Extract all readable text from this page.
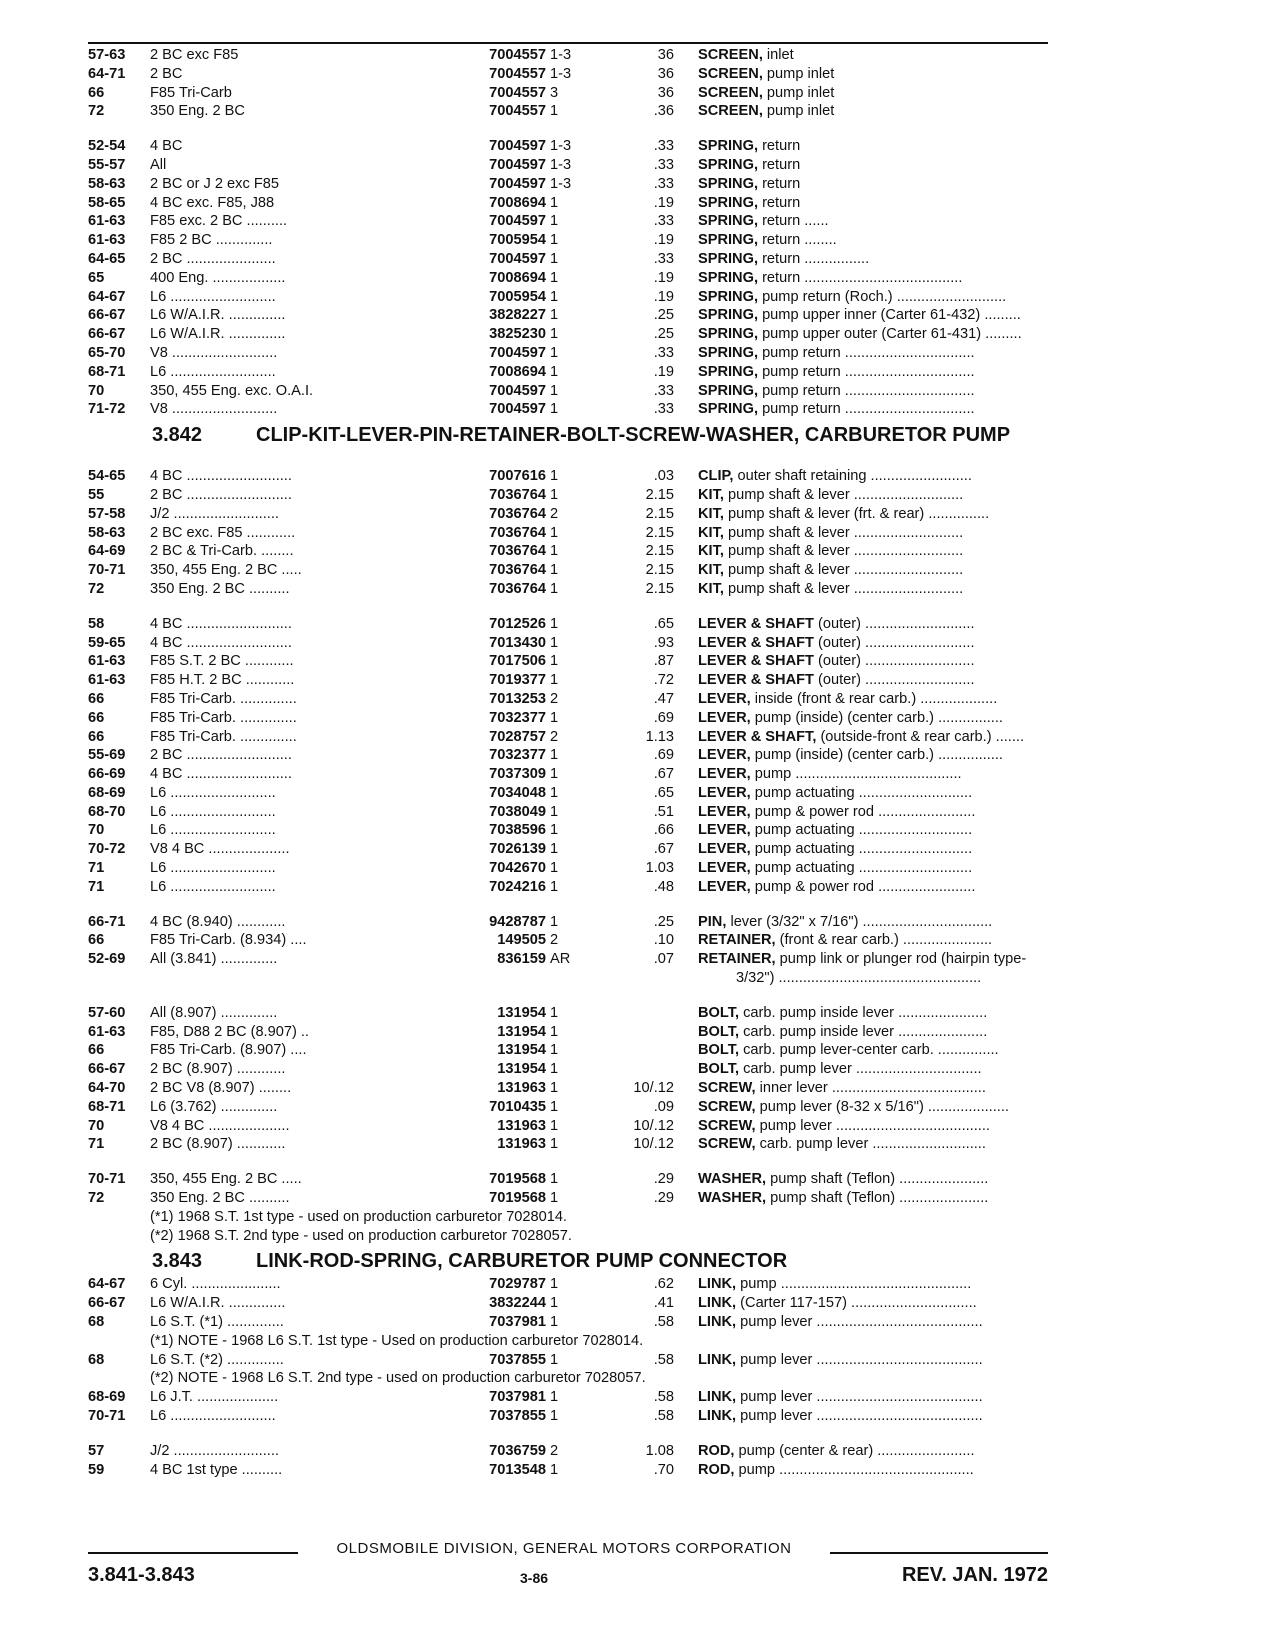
57-63 2 BC exc F85	7004557 1-3	36 SCREEN, inlet
64-71 2 BC	7004557 1-3	36 SCREEN, pump inlet
66	F85 Tri-Carb	7004557 3	36 SCREEN, pump inlet
72	350 Eng. 2 BC	7004557 1	.36 SCREEN, pump inlet
52-54 4 BC	7004597 1-3	.33 SPRING, return
55-57 All	7004597 1-3	.33 SPRING, return
58-63 2 BC or J 2 exc F85	7004597 1-3	.33 SPRING, return
58-65 4 BC exc. F85, J88	7008694 1	.19 SPRING, return
61-63 F85 exc. 2 BC ..........	7004597 1	.33 SPRING, return ......
61-63 F85 2 BC ..............	7005954 1	.19 SPRING, return ........
64-65 2 BC ......................	7004597 1	.33 SPRING, return ................
65	400 Eng. ..................	7008694 1	.19 SPRING, return .......................................
64-67 L6 ..........................	7005954 1	.19 SPRING, pump return (Roch.) ...........................
66-67 L6 W/A.I.R. ..............	3828227 1	.25 SPRING, pump upper inner (Carter 61-432) .........
66-67 L6 W/A.I.R. ..............	3825230 1	.25 SPRING, pump upper outer (Carter 61-431) .........
65-70 V8 ..........................	7004597 1	.33 SPRING, pump return ................................
68-71 L6 ..........................	7008694 1	.19 SPRING, pump return ................................
70	350, 455 Eng. exc. O.A.I.	7004597 1	.33 SPRING, pump return ................................
71-72 V8 ..........................	7004597 1	.33 SPRING, pump return ................................
3.842	CLIP-KIT-LEVER-PIN-RETAINER-BOLT-SCREW-WASHER, CARBURETOR PUMP
54-65 4 BC ..........................	7007616 1	.03 CLIP, outer shaft retaining .........................
55	2 BC ..........................	7036764 1	2.15 KIT, pump shaft & lever ...........................
57-58 J/2 ..........................	7036764 2	2.15 KIT, pump shaft & lever (frt. & rear) ...............
58-63 2 BC exc. F85 ............	7036764 1	2.15 KIT, pump shaft & lever ...........................
64-69 2 BC & Tri-Carb. ........	7036764 1	2.15 KIT, pump shaft & lever ...........................
70-71 350, 455 Eng. 2 BC .....	7036764 1	2.15 KIT, pump shaft & lever ...........................
72	350 Eng. 2 BC ..........	7036764 1	2.15 KIT, pump shaft & lever ...........................
58	4 BC ..........................	7012526 1	.65 LEVER & SHAFT (outer) ...........................
59-65 4 BC ..........................	7013430 1	.93 LEVER & SHAFT (outer) ...........................
61-63 F85 S.T. 2 BC ............	7017506 1	.87 LEVER & SHAFT (outer) ...........................
61-63 F85 H.T. 2 BC ............	7019377 1	.72 LEVER & SHAFT (outer) ...........................
66	F85 Tri-Carb. ..............	7013253 2	.47 LEVER, inside (front & rear carb.) ...................
66	F85 Tri-Carb. ..............	7032377 1	.69 LEVER, pump (inside) (center carb.) ................
66	F85 Tri-Carb. ..............	7028757 2	1.13 LEVER & SHAFT, (outside-front & rear carb.) .......
55-69 2 BC ..........................	7032377 1	.69 LEVER, pump (inside) (center carb.) ................
66-69 4 BC ..........................	7037309 1	.67 LEVER, pump .........................................
68-69 L6 ..........................	7034048 1	.65 LEVER, pump actuating ............................
68-70 L6 ..........................	7038049 1	.51 LEVER, pump & power rod ........................
70	L6 ..........................	7038596 1	.66 LEVER, pump actuating ............................
70-72 V8 4 BC ....................	7026139 1	.67 LEVER, pump actuating ............................
71	L6 ..........................	7042670 1	1.03 LEVER, pump actuating ............................
71	L6 ..........................	7024216 1	.48 LEVER, pump & power rod ........................
66-71 4 BC (8.940) ............	9428787 1	.25 PIN, lever (3/32" x 7/16") ................................
66	F85 Tri-Carb. (8.934) ....	149505 2	.10 RETAINER, (front & rear carb.) ......................
52-69 All (3.841) ..............	836159 AR	.07 RETAINER, pump link or plunger rod (hairpin type-
3/32") ..................................................
57-60 All (8.907) ..............	131954 1	BOLT, carb. pump inside lever ......................
61-63 F85, D88 2 BC (8.907) ..	131954 1	BOLT, carb. pump inside lever ......................
66	F85 Tri-Carb. (8.907) ....	131954 1	BOLT, carb. pump lever-center carb. ...............
66-67 2 BC (8.907) ............	131954 1	BOLT, carb. pump lever ...............................
64-70 2 BC V8 (8.907) ........	131963 1	10/.12 SCREW, inner lever ......................................
68-71 L6 (3.762) ..............	7010435 1	.09 SCREW, pump lever (8-32 x 5/16") ....................
70	V8 4 BC ....................	131963 1	10/.12 SCREW, pump lever ......................................
71	2 BC (8.907) ............	131963 1	10/.12 SCREW, carb. pump lever ............................
70-71 350, 455 Eng. 2 BC .....	7019568 1	.29 WASHER, pump shaft (Teflon) ......................
72	350 Eng. 2 BC ..........	7019568 1	.29 WASHER, pump shaft (Teflon) ......................
(*1) 1968 S.T. 1st type - used on production carburetor 7028014.
(*2) 1968 S.T. 2nd type - used on production carburetor 7028057.
3.843	LINK-ROD-SPRING, CARBURETOR PUMP CONNECTOR
64-67 6 Cyl. ......................	7029787 1	.62 LINK, pump ...............................................
66-67 L6 W/A.I.R. ..............	3832244 1	.41 LINK, (Carter 117-157) ...............................
68	L6 S.T. (*1) ..............	7037981 1	.58 LINK, pump lever .........................................
(*1) NOTE - 1968 L6 S.T. 1st type - Used on production carburetor 7028014.
68	L6 S.T. (*2) ..............	7037855 1	.58 LINK, pump lever .........................................
(*2) NOTE - 1968 L6 S.T. 2nd type - used on production carburetor 7028057.
68-69 L6 J.T. ....................	7037981 1	.58 LINK, pump lever .........................................
70-71 L6 ..........................	7037855 1	.58 LINK, pump lever .........................................
57	J/2 ..........................	7036759 2	1.08 ROD, pump (center & rear) ........................
59	4 BC 1st type ..........	7013548 1	.70 ROD, pump ................................................
OLDSMOBILE DIVISION, GENERAL MOTORS CORPORATION
3.841-3.843	3-86	REV. JAN. 1972
